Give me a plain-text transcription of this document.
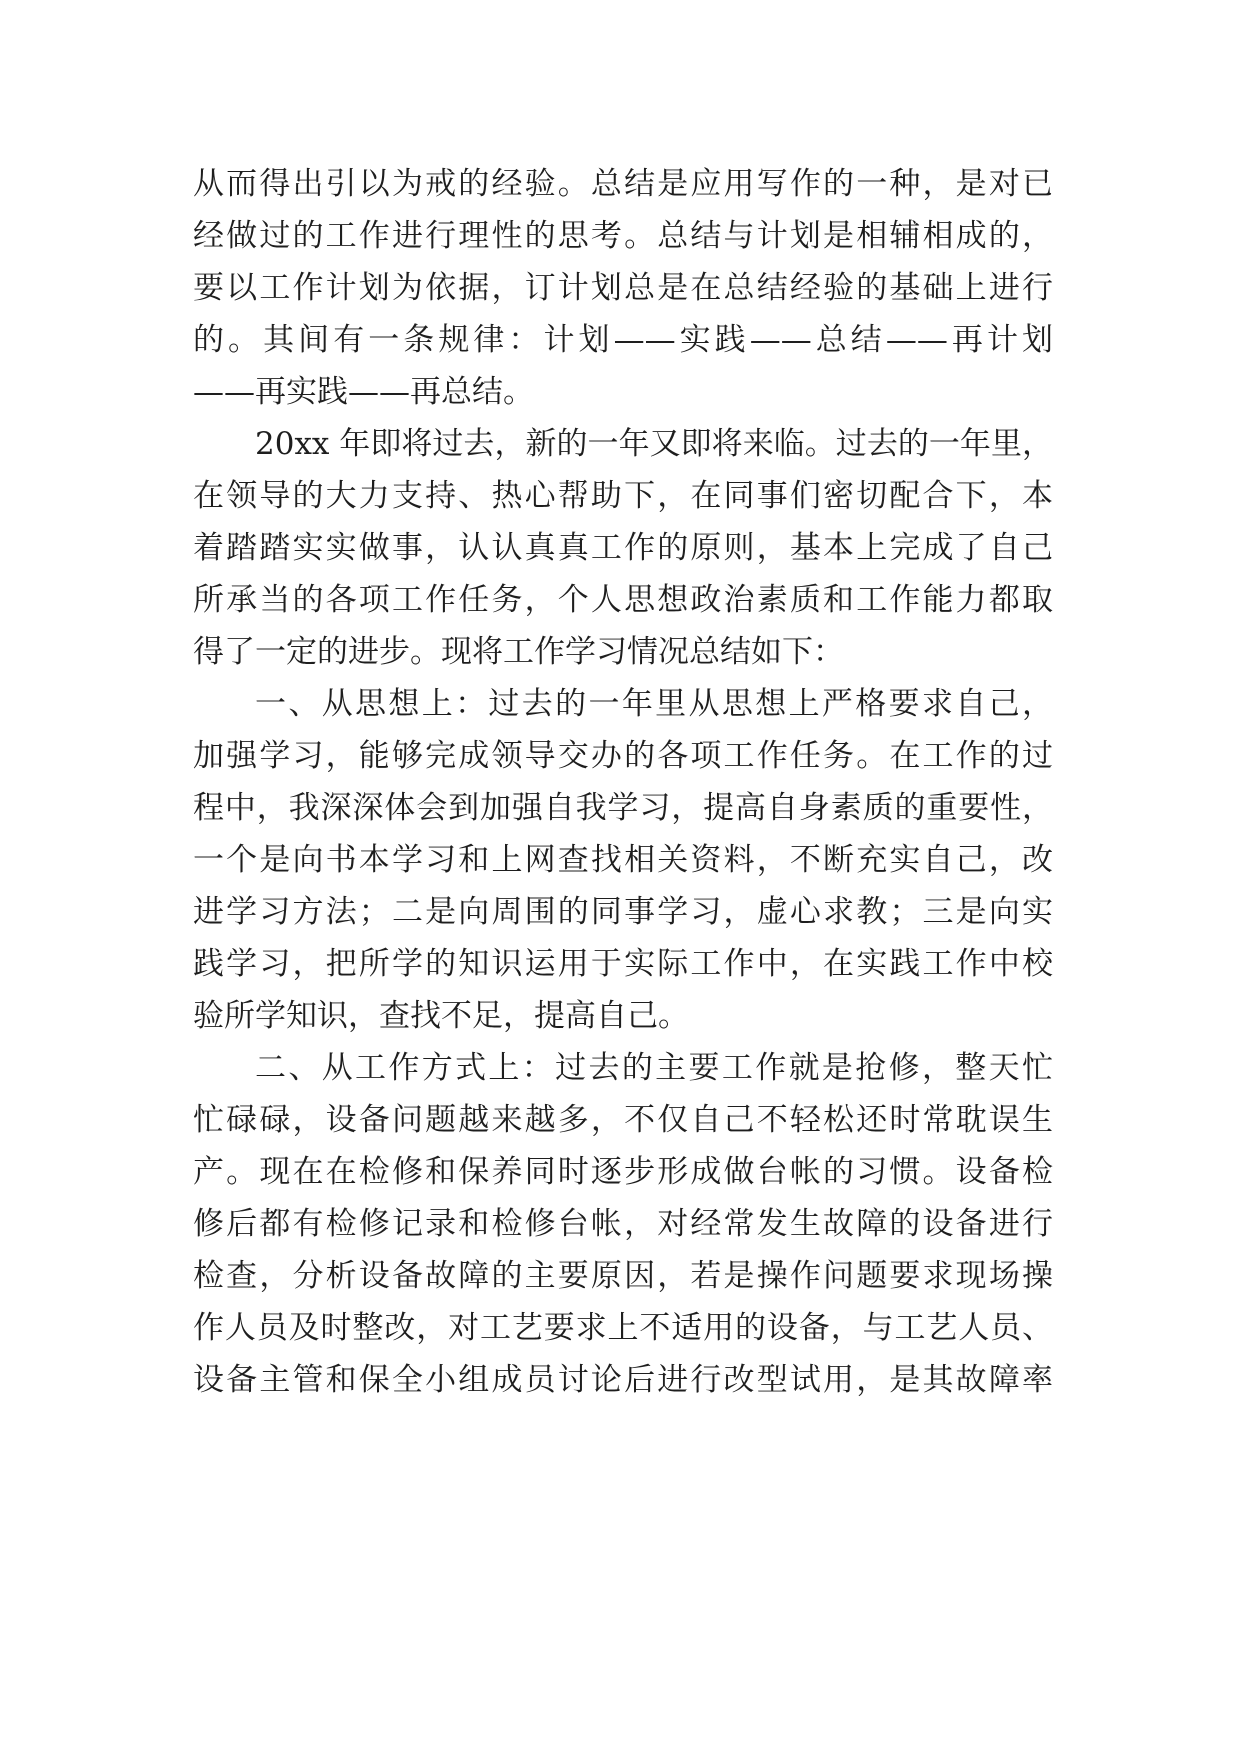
从而得出引以为戒的经验。总结是应用写作的一种，是对已
经做过的工作进行理性的思考。总结与计划是相辅相成的，
要以工作计划为依据，订计划总是在总结经验的基础上进行
的。其间有一条规律：计划——实践——总结——再计划
——再实践——再总结。
20xx 年即将过去，新的一年又即将来临。过去的一年里，
在领导的大力支持、热心帮助下，在同事们密切配合下，本
着踏踏实实做事，认认真真工作的原则，基本上完成了自己
所承当的各项工作任务，个人思想政治素质和工作能力都取
得了一定的进步。现将工作学习情况总结如下：
一、从思想上：过去的一年里从思想上严格要求自己，
加强学习，能够完成领导交办的各项工作任务。在工作的过
程中，我深深体会到加强自我学习，提高自身素质的重要性，
一个是向书本学习和上网查找相关资料，不断充实自己，改
进学习方法；二是向周围的同事学习，虚心求教；三是向实
践学习，把所学的知识运用于实际工作中，在实践工作中校
验所学知识，查找不足，提高自己。
二、从工作方式上：过去的主要工作就是抢修，整天忙
忙碌碌，设备问题越来越多，不仅自己不轻松还时常耽误生
产。现在在检修和保养同时逐步形成做台帐的习惯。设备检
修后都有检修记录和检修台帐，对经常发生故障的设备进行
检查，分析设备故障的主要原因，若是操作问题要求现场操
作人员及时整改，对工艺要求上不适用的设备，与工艺人员、
设备主管和保全小组成员讨论后进行改型试用，是其故障率
